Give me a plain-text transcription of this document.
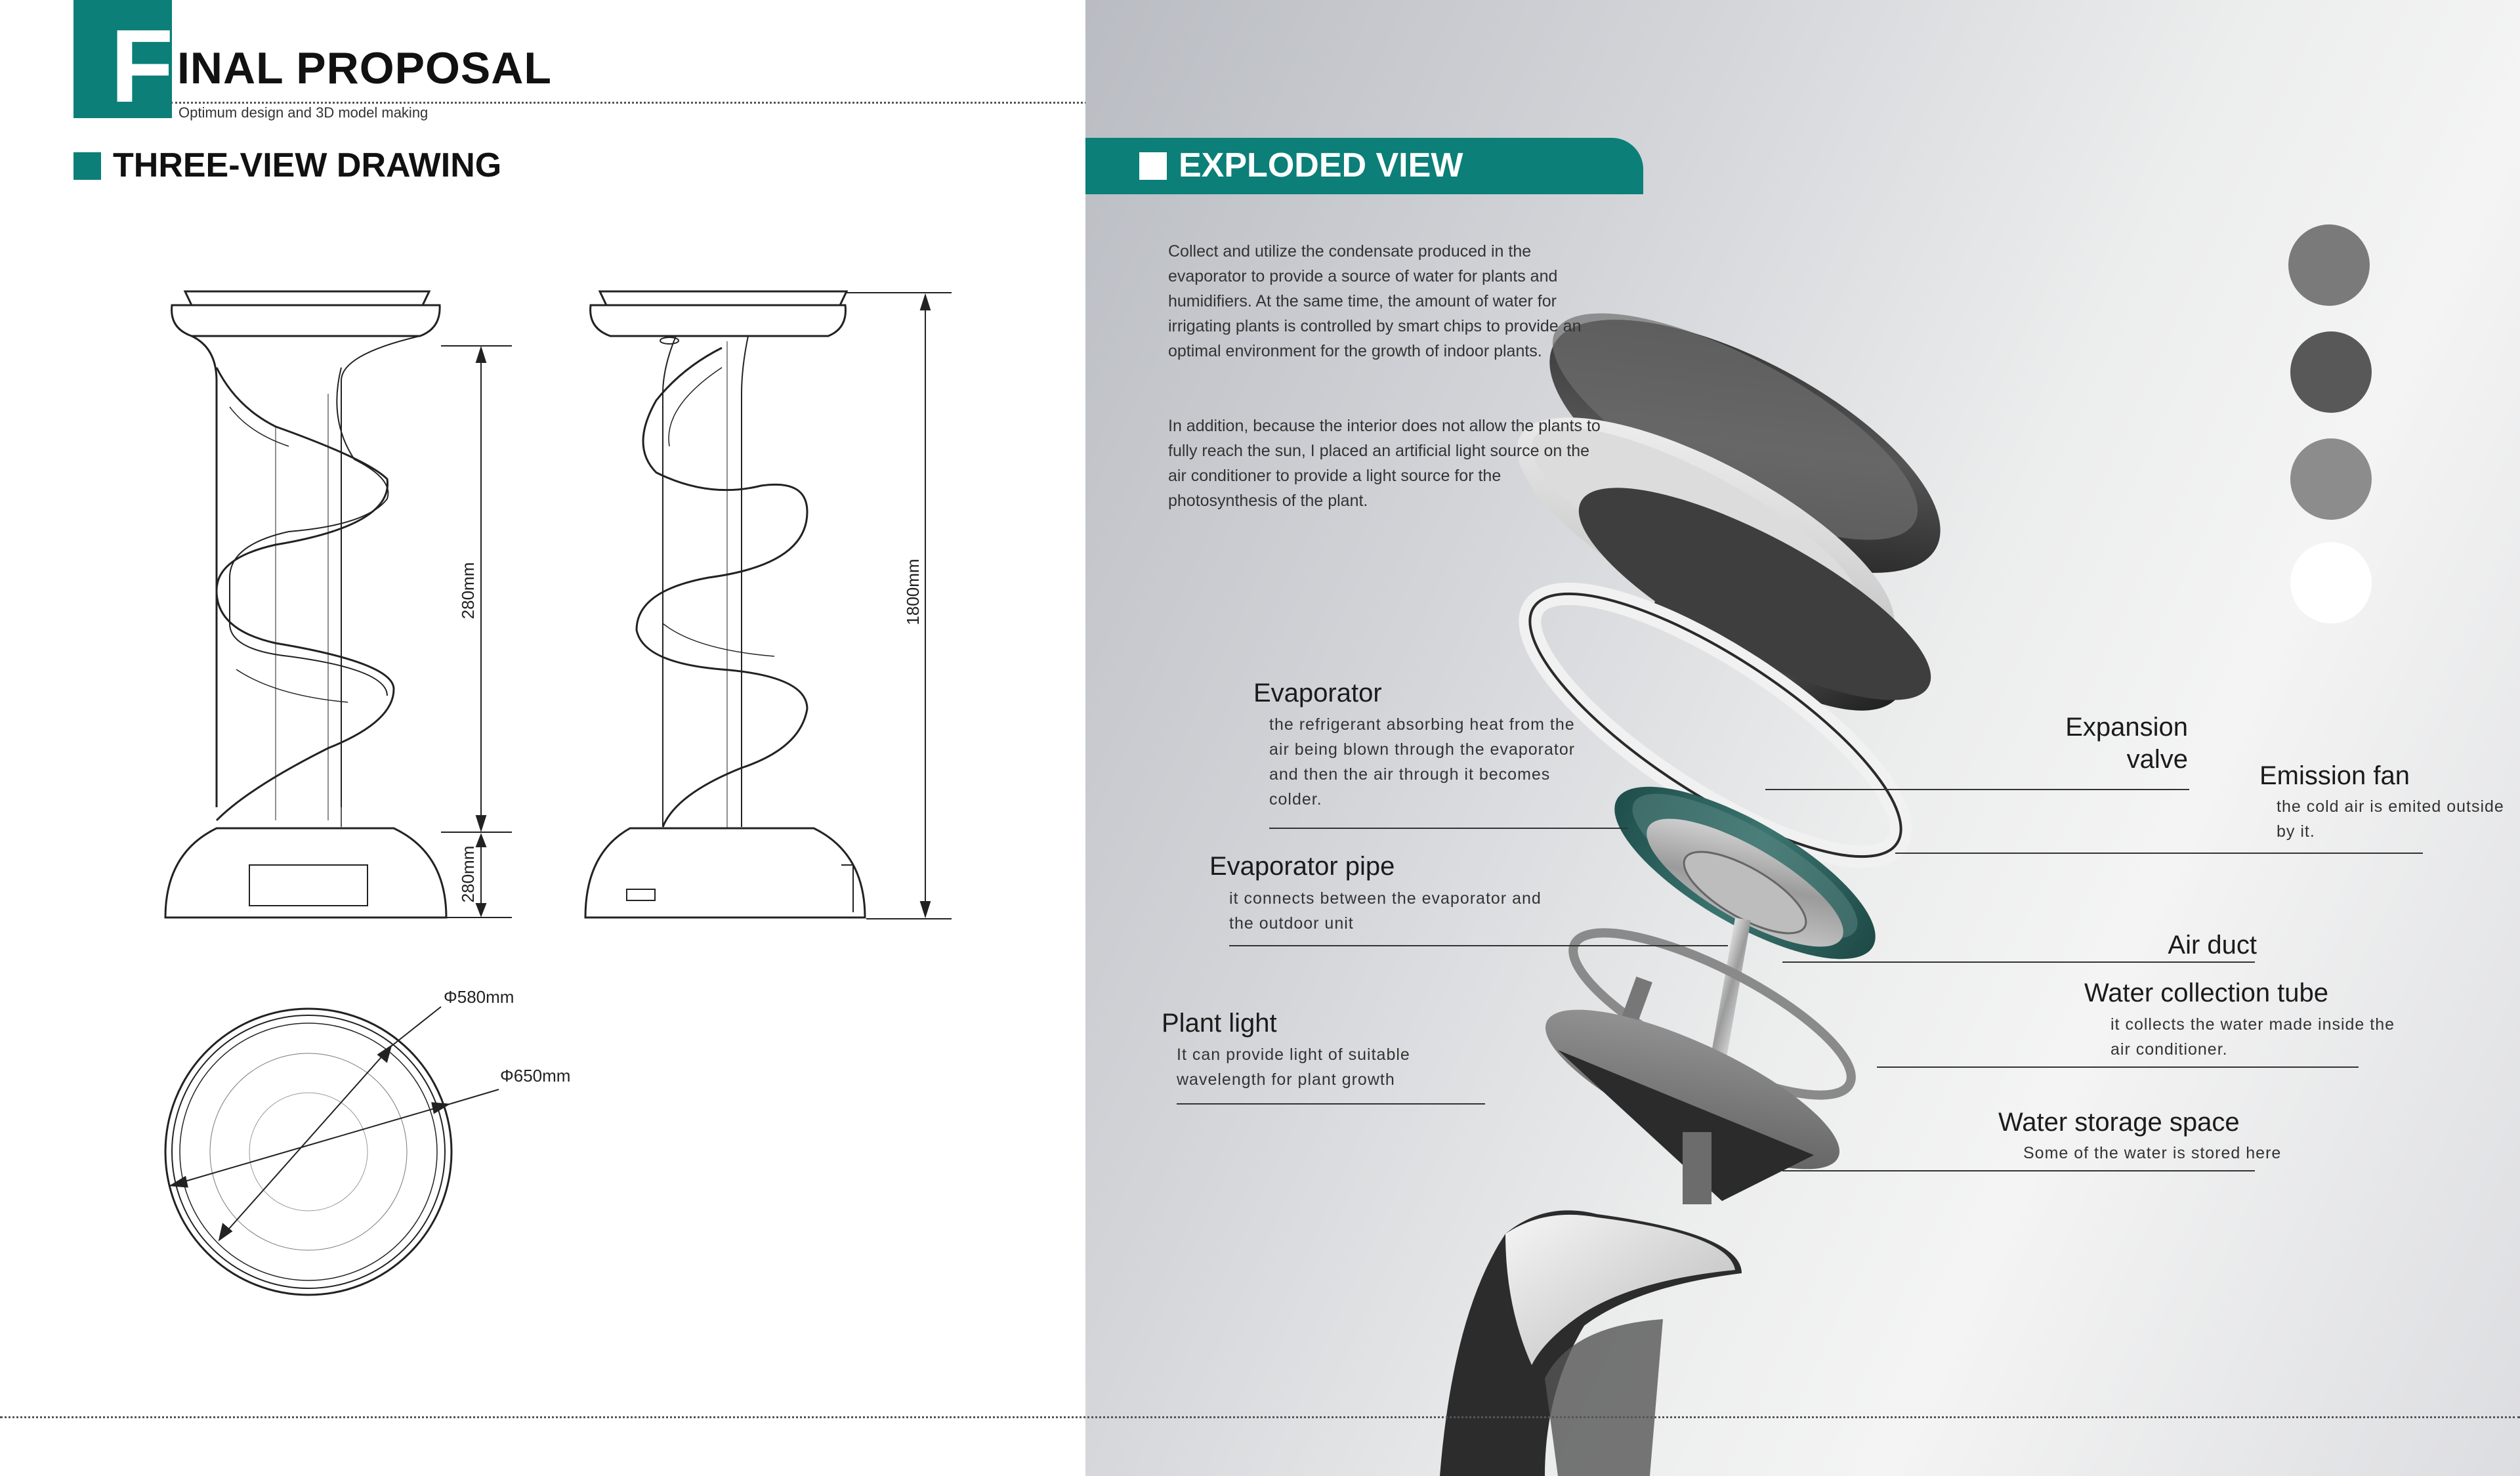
F INAL PROPOSAL
Optimum design and 3D model making
THREE-VIEW DRAWING
280mm
280mm
1800mm
Φ580mm
Φ650mm
EXPLODED VIEW
Collect and utilize the condensate produced in the evaporator to provide a source of water for plants and humidifiers. At the same time, the amount of water for irrigating plants is controlled by smart chips to provide an optimal environment for the growth of indoor plants.
In addition, because the interior does not allow the plants to fully reach the sun, I placed an artificial light source on the air conditioner to provide a light source for the photosynthesis of the plant.
Evaporator
the refrigerant absorbing heat from the air being blown through the evaporator and then the air through it becomes colder.
Evaporator pipe
it connects between the evaporator and the outdoor unit
Plant light
It can provide light of suitable wavelength for plant growth
Expansion
valve
Emission fan
the cold air is emited outside by it.
Air duct
Water collection tube
it collects the water made inside the air conditioner.
Water storage space
Some of the water is stored here
